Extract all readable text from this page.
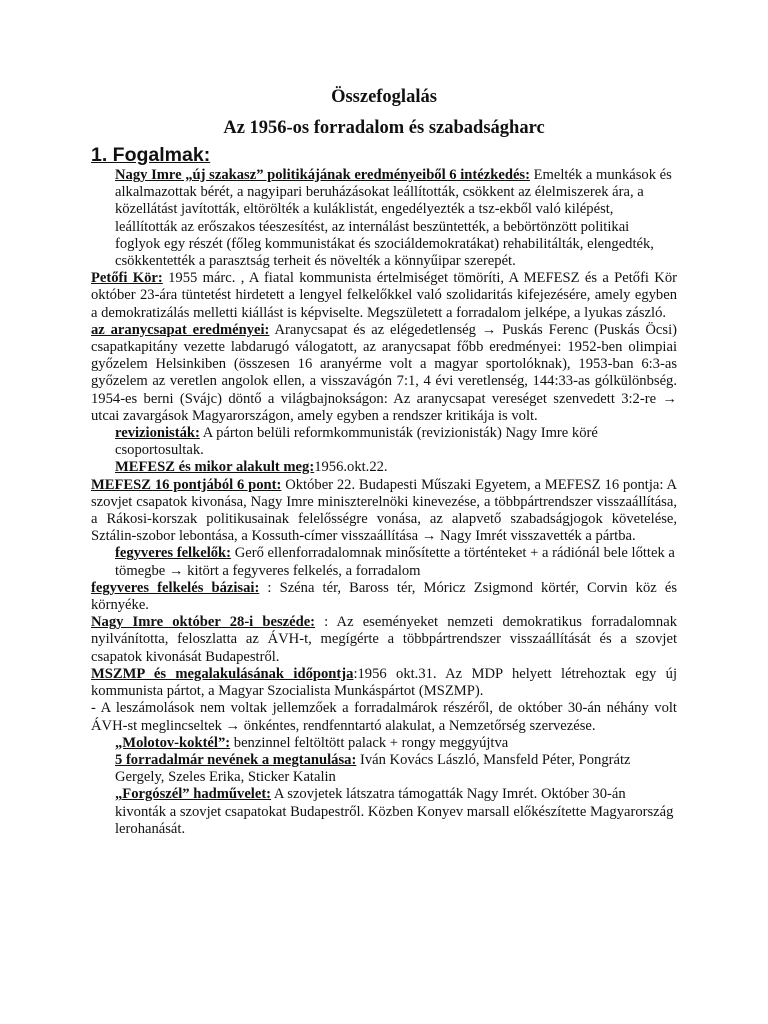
Összefoglalás
Az 1956-os forradalom és szabadságharc
1. Fogalmak:

Nagy Imre „új szakasz” politikájának eredményeiből 6 intézkedés: Emelték a munkások és alkalmazottak bérét, a nagyipari beruházásokat leállították, csökkent az élelmiszerek ára, a közellátást javították, eltörölték a kuláklistát, engedélyezték a tsz-ekből való kilépést, leállították az erőszakos téeszesítést, az internálást beszüntették, a bebörtönzött politikai foglyok egy részét (főleg kommunistákat és szociáldemokratákat) rehabilitálták, elengedték, csökkentették a parasztság terheit és növelték a könnyűipar szerepét.

Petőfi Kör: 1955 márc. , A fiatal kommunista értelmiséget tömöríti, A MEFESZ és a Petőfi Kör október 23-ára tüntetést hirdetett a lengyel felkelőkkel való szolidaritás kifejezésére, amely egyben a demokratizálás melletti kiállást is képviselte. Megszületett a forradalom jelképe, a lyukas zászló.

az aranycsapat eredményei: Aranycsapat és az elégedetlenség → Puskás Ferenc (Puskás Öcsi) csapatkapitány vezette labdarugó válogatott, az aranycsapat főbb eredményei: 1952-ben olimpiai győzelem Helsinkiben (összesen 16 aranyérme volt a magyar sportolóknak), 1953-ban 6:3-as győzelem az veretlen angolok ellen, a visszavágón 7:1, 4 évi veretlenség, 144:33-as gólkülönbség. 1954-es berni (Svájc) döntő a világbajnokságon: Az aranycsapat vereséget szenvedett 3:2-re → utcai zavargások Magyarországon, amely egyben a rendszer kritikája is volt.

revizionisták: A párton belüli reformkommunisták (revizionisták) Nagy Imre köré csoportosultak.

MEFESZ és mikor alakult meg:1956.okt.22.

MEFESZ 16 pontjából 6 pont: Október 22. Budapesti Műszaki Egyetem, a MEFESZ 16 pontja: A szovjet csapatok kivonása, Nagy Imre miniszterelnöki kinevezése, a többpártrendszer visszaállítása, a Rákosi-korszak politikusainak felelősségre vonása, az alapvető szabadságjogok követelése, Sztálin-szobor lebontása, a Kossuth-címer visszaállítása → Nagy Imrét visszavették a pártba.

fegyveres felkelők: Gerő ellenforradalomnak minősítette a történteket + a rádiónál bele lőttek a tömegbe → kitört a fegyveres felkelés, a forradalom

fegyveres felkelés bázisai: : Széna tér, Baross tér, Móricz Zsigmond körtér, Corvin köz és környéke.

Nagy Imre október 28-i beszéde: : Az eseményeket nemzeti demokratikus forradalomnak nyilvánította, feloszlatta az ÁVH-t, megígérte a többpártrendszer visszaállítását és a szovjet csapatok kivonását Budapestről.

MSZMP és megalakulásának időpontja:1956 okt.31. Az MDP helyett létrehoztak egy új kommunista pártot, a Magyar Szocialista Munkáspártot (MSZMP).

- A leszámolások nem voltak jellemzőek a forradalmárok részéről, de október 30-án néhány volt ÁVH-st meglincseltek → önkéntes, rendfenntartó alakulat, a Nemzetőrség szervezése.

„Molotov-koktél”: benzinnel feltöltött palack + rongy meggyújtva

5 forradalmár nevének a megtanulása: Iván Kovács László, Mansfeld Péter, Pongrátz Gergely, Szeles Erika, Sticker Katalin

„Forgószél” hadművelet: A szovjetek látszatra támogatták Nagy Imrét. Október 30-án kivonták a szovjet csapatokat Budapestről. Közben Konyev marsall előkészítette Magyarország lerohanását.
